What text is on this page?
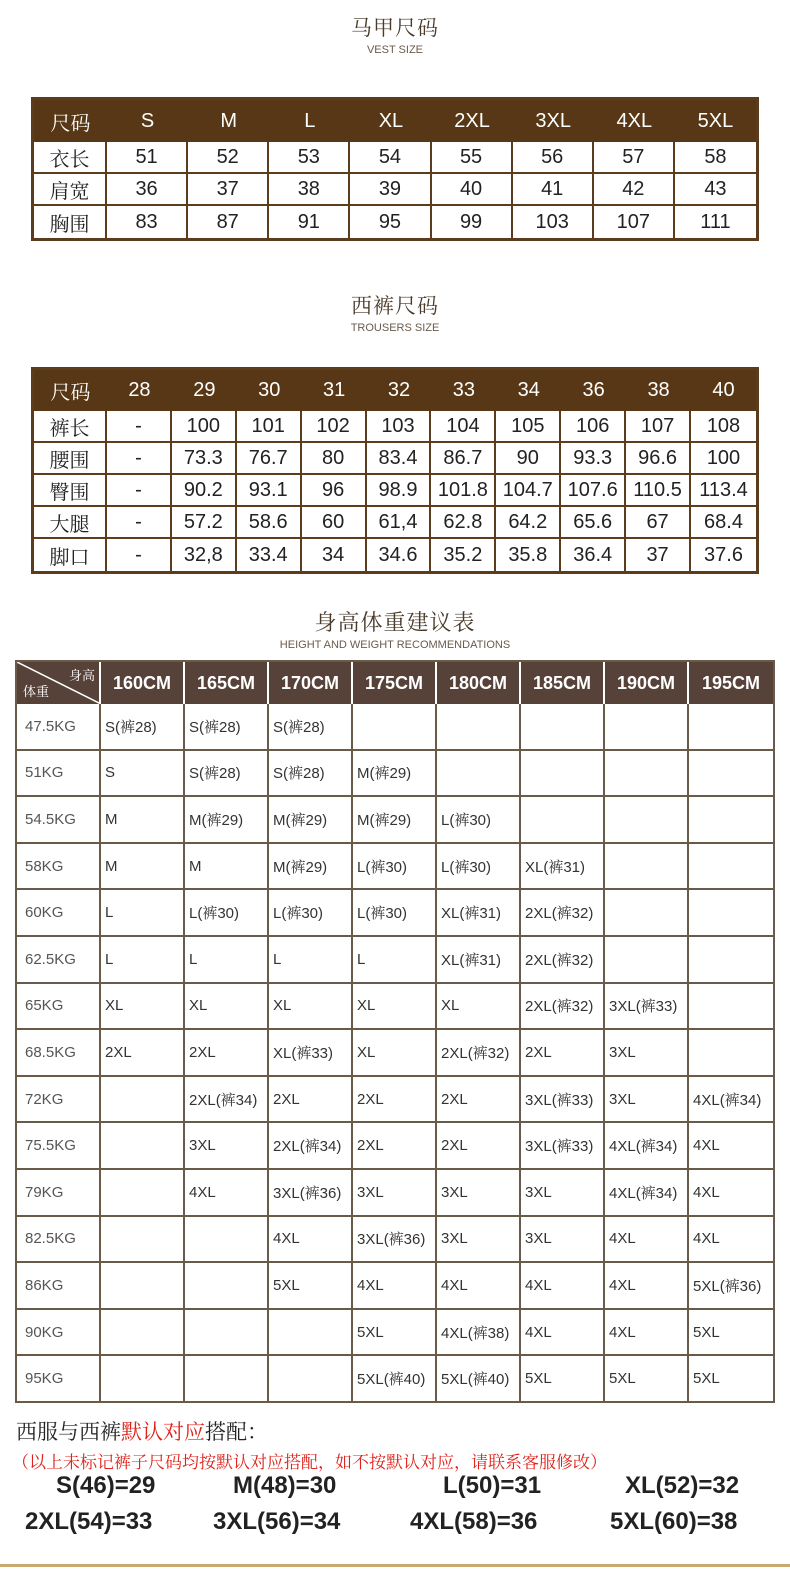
马甲尺码
VEST SIZE
尺码	S	M	L	XL	2XL	3XL	4XL	5XL
衣长	51	52	53	54	55	56	57	58
肩宽	36	37	38	39	40	41	42	43
胸围	83	87	91	95	99	103	107	111
西裤尺码
TROUSERS SIZE
尺码	28	29	30	31	32	33	34	36	38	40
裤长	-	100	101	102	103	104	105	106	107	108
腰围	-	73.3	76.7	80	83.4	86.7	90	93.3	96.6	100
臀围	-	90.2	93.1	96	98.9	101.8	104.7	107.6	110.5	113.4
大腿	-	57.2	58.6	60	61,4	62.8	64.2	65.6	67	68.4
脚口	-	32,8	33.4	34	34.6	35.2	35.8	36.4	37	37.6
身高体重建议表
HEIGHT AND WEIGHT RECOMMENDATIONS
身高
体重	160CM	165CM	170CM	175CM	180CM	185CM	190CM	195CM
47.5KG	S(裤28)	S(裤28)	S(裤28)					
51KG	S	S(裤28)	S(裤28)	M(裤29)				
54.5KG	M	M(裤29)	M(裤29)	M(裤29)	L(裤30)			
58KG	M	M	M(裤29)	L(裤30)	L(裤30)	XL(裤31)		
60KG	L	L(裤30)	L(裤30)	L(裤30)	XL(裤31)	2XL(裤32)		
62.5KG	L	L	L	L	XL(裤31)	2XL(裤32)		
65KG	XL	XL	XL	XL	XL	2XL(裤32)	3XL(裤33)	
68.5KG	2XL	2XL	XL(裤33)	XL	2XL(裤32)	2XL	3XL	
72KG		2XL(裤34)	2XL	2XL	2XL	3XL(裤33)	3XL	4XL(裤34)
75.5KG		3XL	2XL(裤34)	2XL	2XL	3XL(裤33)	4XL(裤34)	4XL
79KG		4XL	3XL(裤36)	3XL	3XL	3XL	4XL(裤34)	4XL
82.5KG			4XL	3XL(裤36)	3XL	3XL	4XL	4XL
86KG			5XL	4XL	4XL	4XL	4XL	5XL(裤36)
90KG				5XL	4XL(裤38)	4XL	4XL	5XL
95KG				5XL(裤40)	5XL(裤40)	5XL	5XL	5XL
西服与西裤默认对应搭配：
（以上未标记裤子尺码均按默认对应搭配，如不按默认对应，请联系客服修改）
S(46)=29	M(48)=30	L(50)=31	XL(52)=32
2XL(54)=33	3XL(56)=34	4XL(58)=36	5XL(60)=38
